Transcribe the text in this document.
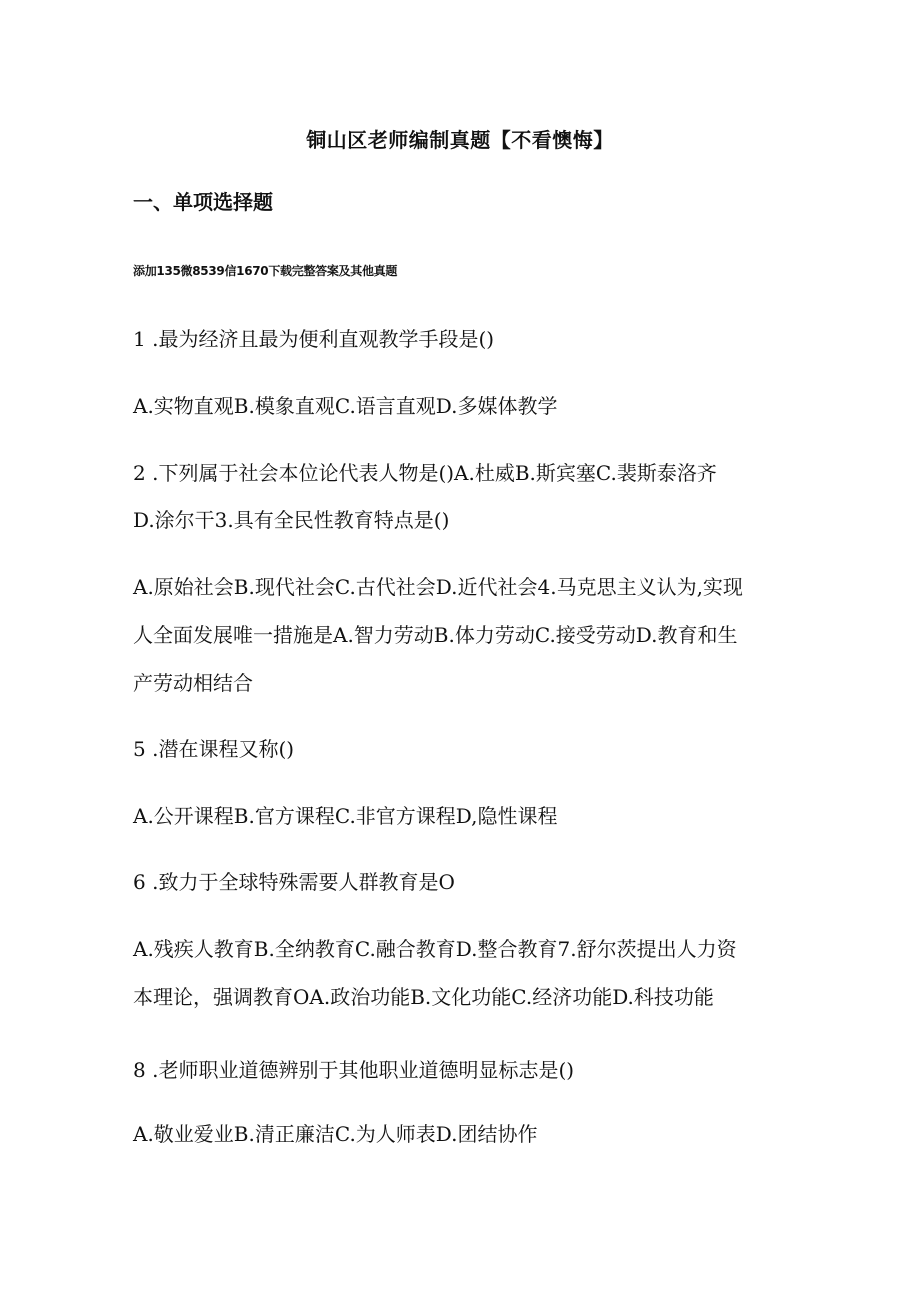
铜山区老师编制真题【不看懊悔】
一、单项选择题
添加135微8539信1670下载完整答案及其他真题
1 .最为经济且最为便利直观教学手段是()
A.实物直观B.模象直观C.语言直观D.多媒体教学
2 .下列属于社会本位论代表人物是()A.杜威B.斯宾塞C.裴斯泰洛齐
D.涂尔干3.具有全民性教育特点是()
A.原始社会B.现代社会C.古代社会D.近代社会4.马克思主义认为,实现
人全面发展唯一措施是A.智力劳动B.体力劳动C.接受劳动D.教育和生
产劳动相结合
5 .潜在课程又称()
A.公开课程B.官方课程C.非官方课程D,隐性课程
6 .致力于全球特殊需要人群教育是O
A.残疾人教育B.全纳教育C.融合教育D.整合教育7.舒尔茨提出人力资
本理论，强调教育OA.政治功能B.文化功能C.经济功能D.科技功能
8 .老师职业道德辨别于其他职业道德明显标志是()
A.敬业爱业B.清正廉洁C.为人师表D.团结协作
